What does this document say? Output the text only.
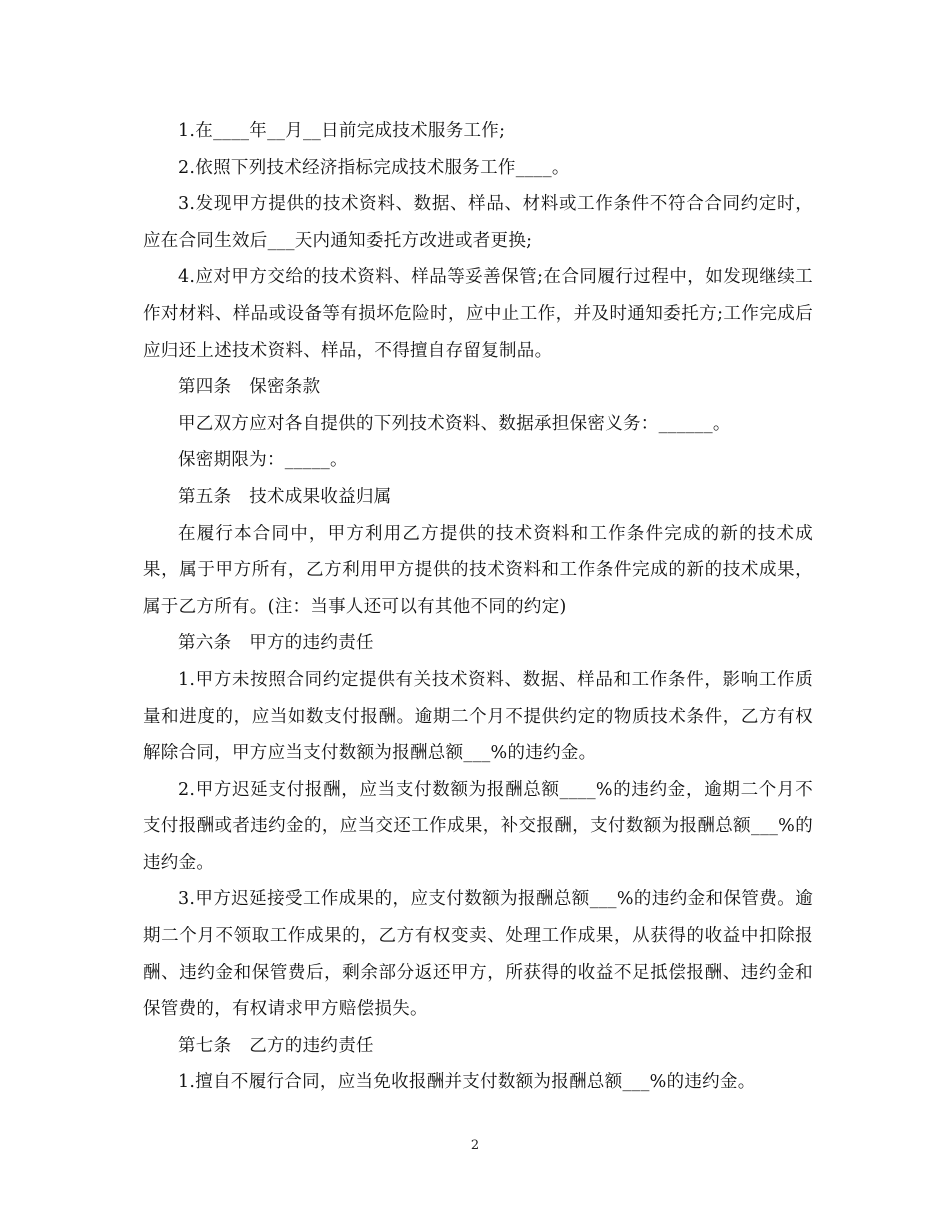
1.在____年__月__日前完成技术服务工作;

2.依照下列技术经济指标完成技术服务工作____。

3.发现甲方提供的技术资料、数据、样品、材料或工作条件不符合合同约定时，应在合同生效后___天内通知委托方改进或者更换;

4.应对甲方交给的技术资料、样品等妥善保管;在合同履行过程中，如发现继续工作对材料、样品或设备等有损坏危险时，应中止工作，并及时通知委托方;工作完成后应归还上述技术资料、样品，不得擅自存留复制品。

第四条　保密条款

甲乙双方应对各自提供的下列技术资料、数据承担保密义务：______。

保密期限为：_____。

第五条　技术成果收益归属

在履行本合同中，甲方利用乙方提供的技术资料和工作条件完成的新的技术成果，属于甲方所有，乙方利用甲方提供的技术资料和工作条件完成的新的技术成果，属于乙方所有。(注：当事人还可以有其他不同的约定)

第六条　甲方的违约责任

1.甲方未按照合同约定提供有关技术资料、数据、样品和工作条件，影响工作质量和进度的，应当如数支付报酬。逾期二个月不提供约定的物质技术条件，乙方有权解除合同，甲方应当支付数额为报酬总额___%的违约金。

2.甲方迟延支付报酬，应当支付数额为报酬总额____%的违约金，逾期二个月不支付报酬或者违约金的，应当交还工作成果，补交报酬，支付数额为报酬总额___%的违约金。

3.甲方迟延接受工作成果的，应支付数额为报酬总额___%的违约金和保管费。逾期二个月不领取工作成果的，乙方有权变卖、处理工作成果，从获得的收益中扣除报酬、违约金和保管费后，剩余部分返还甲方，所获得的收益不足抵偿报酬、违约金和保管费的，有权请求甲方赔偿损失。

第七条　乙方的违约责任

1.擅自不履行合同，应当免收报酬并支付数额为报酬总额___%的违约金。

2
